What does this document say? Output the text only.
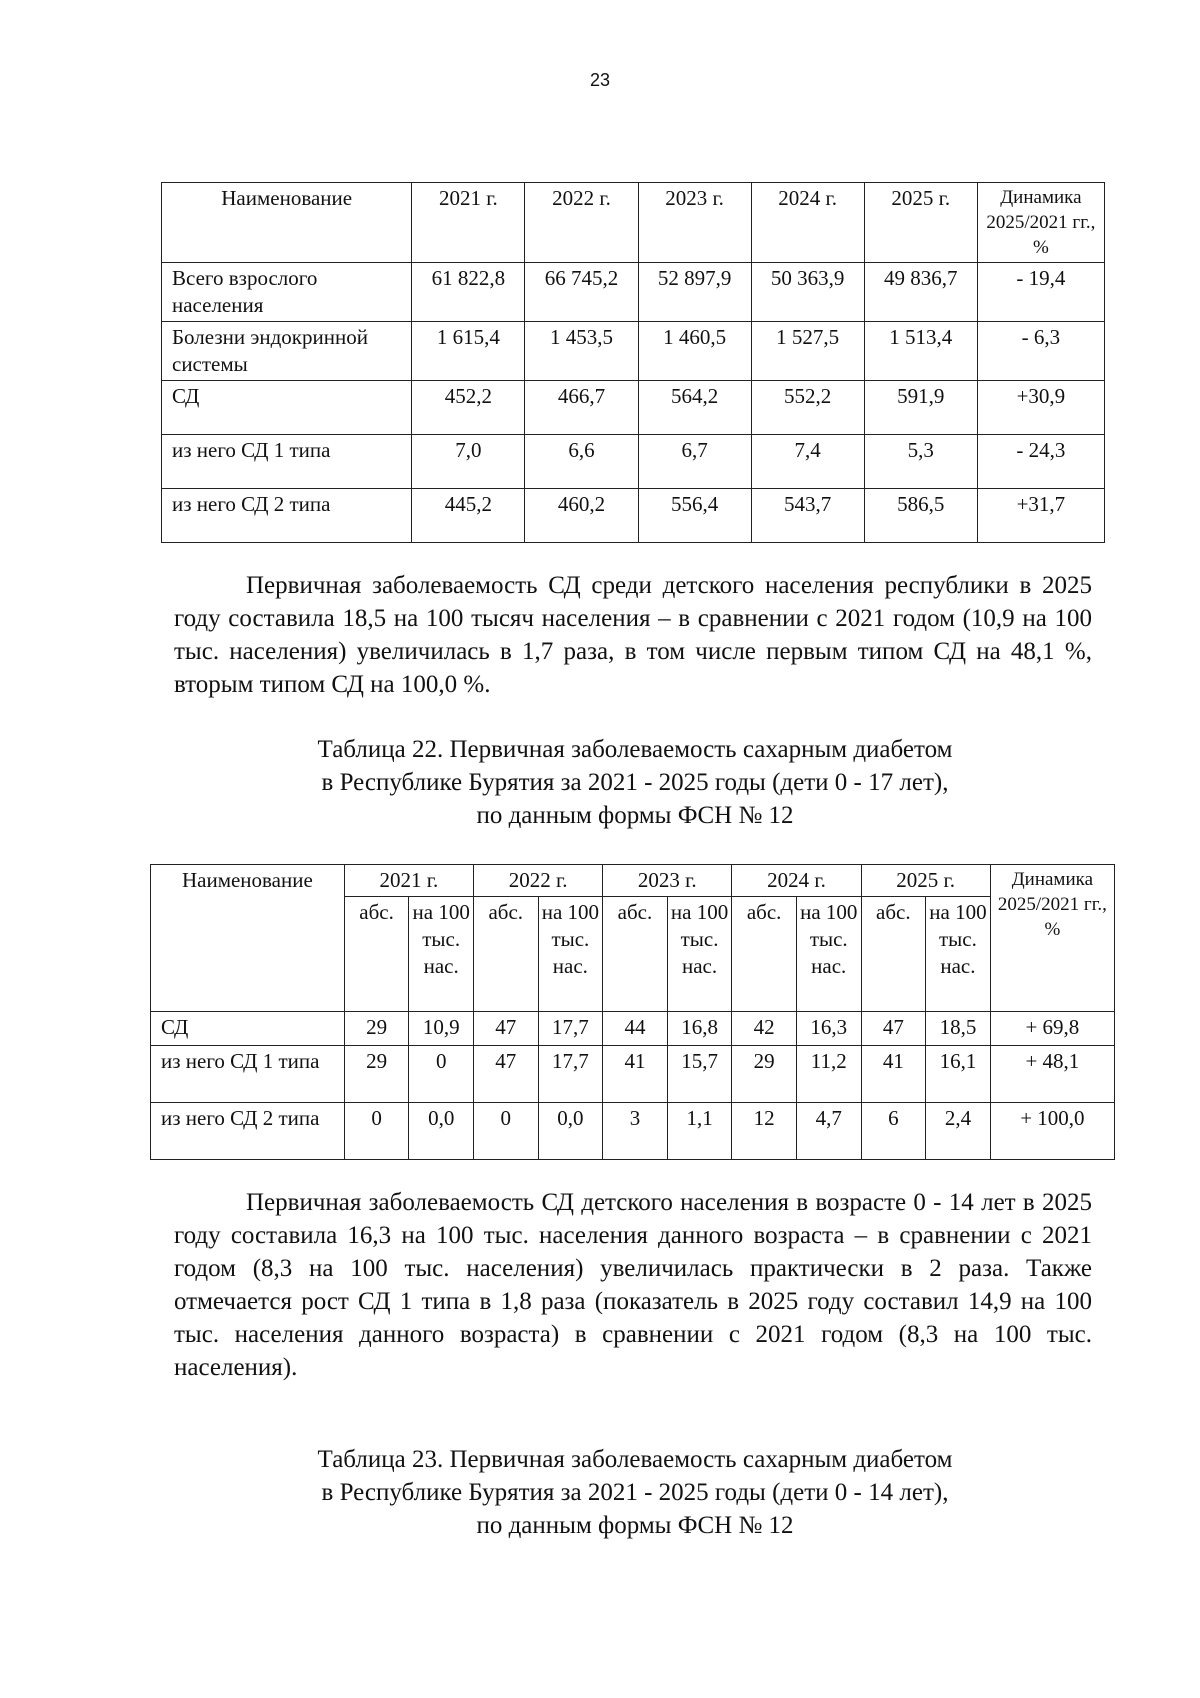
23
Наименование	2021 г.	2022 г.	2023 г.	2024 г.	2025 г.	Динамика 2025/2021 гг., %
Всего взрослого населения	61 822,8	66 745,2	52 897,9	50 363,9	49 836,7	- 19,4
Болезни эндокринной системы	1 615,4	1 453,5	1 460,5	1 527,5	1 513,4	- 6,3
СД	452,2	466,7	564,2	552,2	591,9	+30,9
из него СД 1 типа	7,0	6,6	6,7	7,4	5,3	- 24,3
из него СД 2 типа	445,2	460,2	556,4	543,7	586,5	+31,7

Первичная заболеваемость СД среди детского населения республики в 2025 году составила 18,5 на 100 тысяч населения – в сравнении с 2021 годом (10,9 на 100 тыс. населения) увеличилась в 1,7 раза, в том числе первым типом СД на 48,1 %, вторым типом СД на 100,0 %.

Таблица 22. Первичная заболеваемость сахарным диабетом

в Республике Бурятия за 2021 - 2025 годы (дети 0 - 17 лет),

по данным формы ФСН № 12

Наименование	2021 г.		2022 г.		2023 г.		2024 г.		2025 г.		Динамика 2025/2021 гг., %
	абс.	на 100 тыс. нас.	абс.	на 100 тыс. нас.	абс.	на 100 тыс. нас.	абс.	на 100 тыс. нас.	абс.	на 100 тыс. нас.	
СД	29	10,9	47	17,7	44	16,8	42	16,3	47	18,5	+ 69,8
из него СД 1 типа	29	0	47	17,7	41	15,7	29	11,2	41	16,1	+ 48,1
из него СД 2 типа	0	0,0	0	0,0	3	1,1	12	4,7	6	2,4	+ 100,0

Первичная заболеваемость СД детского населения в возрасте 0 - 14 лет в 2025 году составила 16,3 на 100 тыс. населения данного возраста – в сравнении с 2021 годом (8,3 на 100 тыс. населения) увеличилась практически в 2 раза. Также отмечается рост СД 1 типа в 1,8 раза (показатель в 2025 году составил 14,9 на 100 тыс. населения данного возраста) в сравнении с 2021 годом (8,3 на 100 тыс. населения).

Таблица 23. Первичная заболеваемость сахарным диабетом

в Республике Бурятия за 2021 - 2025 годы (дети 0 - 14 лет),

по данным формы ФСН № 12
